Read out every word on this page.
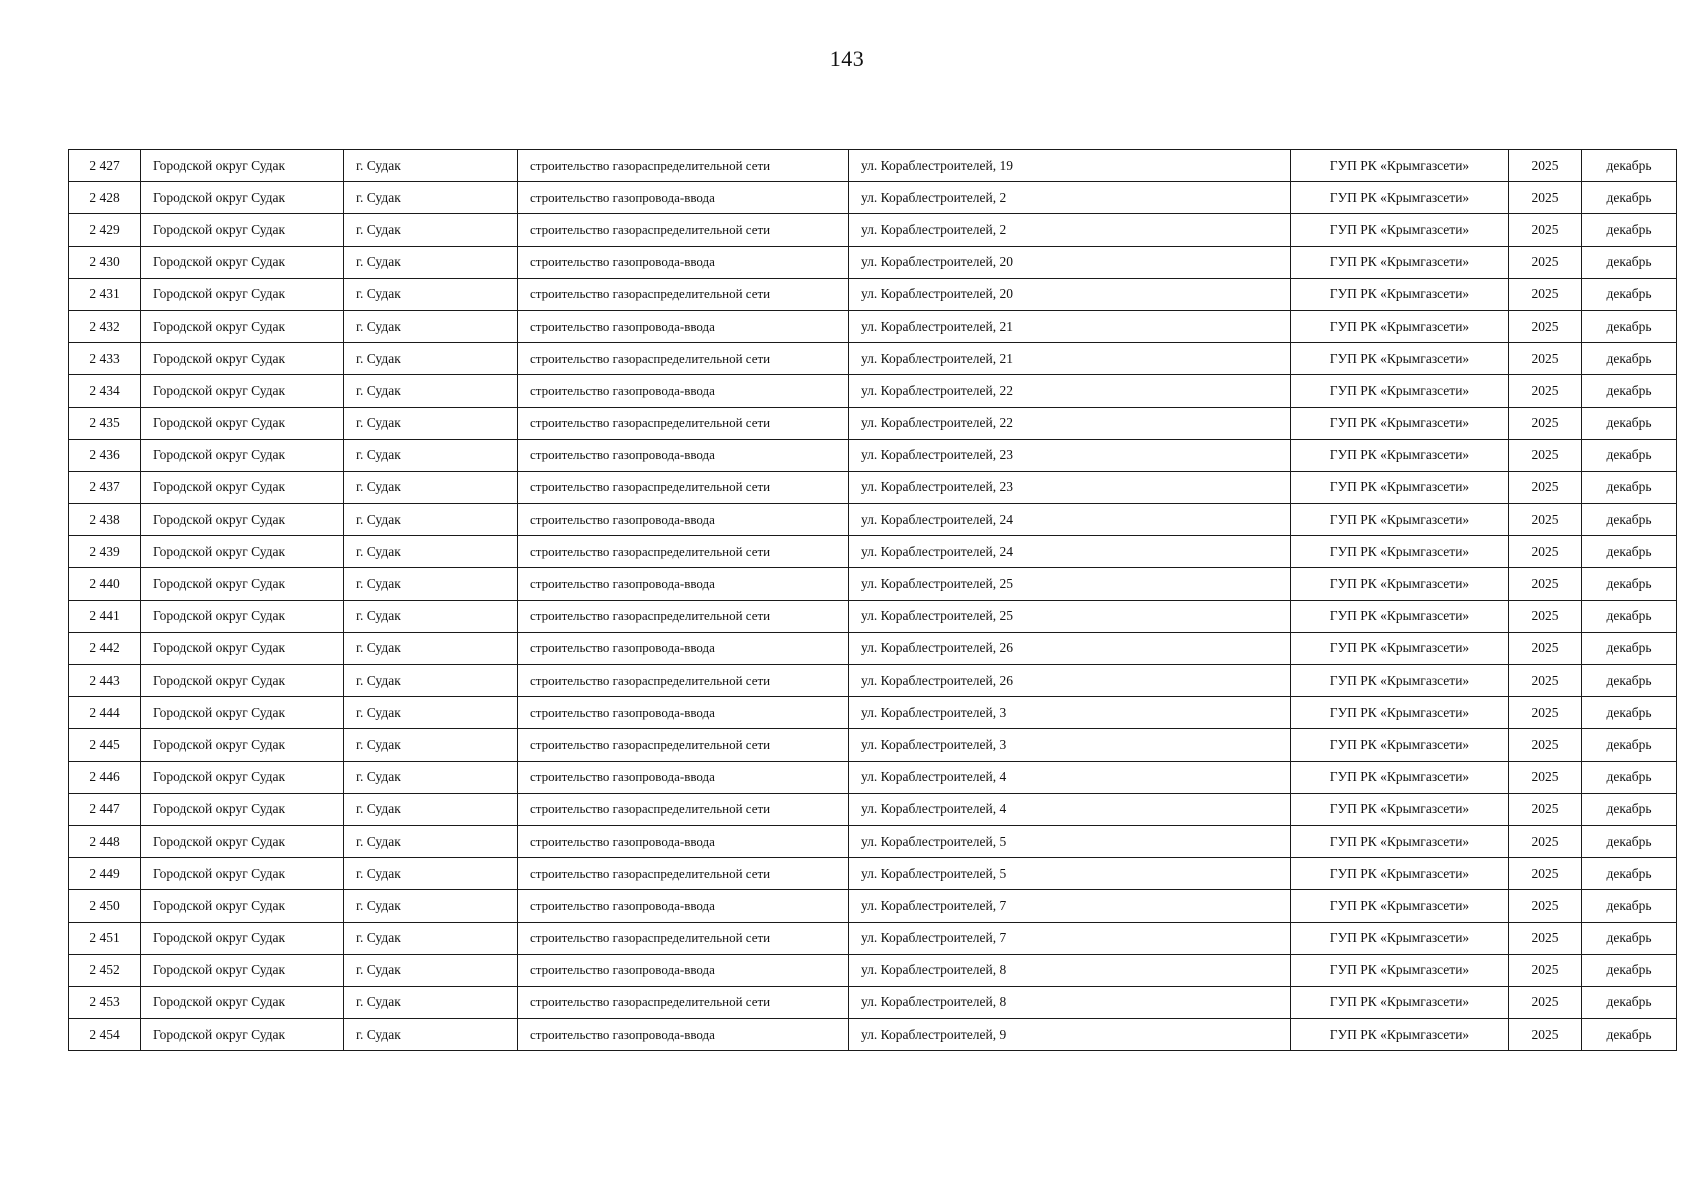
143
2 427	Городской округ Судак	г. Судак	строительство газораспределительной сети	ул. Кораблестроителей, 19	ГУП РК «Крымгазсети»	2025	декабрь
2 428	Городской округ Судак	г. Судак	строительство газопровода-ввода	ул. Кораблестроителей, 2	ГУП РК «Крымгазсети»	2025	декабрь
2 429	Городской округ Судак	г. Судак	строительство газораспределительной сети	ул. Кораблестроителей, 2	ГУП РК «Крымгазсети»	2025	декабрь
2 430	Городской округ Судак	г. Судак	строительство газопровода-ввода	ул. Кораблестроителей, 20	ГУП РК «Крымгазсети»	2025	декабрь
2 431	Городской округ Судак	г. Судак	строительство газораспределительной сети	ул. Кораблестроителей, 20	ГУП РК «Крымгазсети»	2025	декабрь
2 432	Городской округ Судак	г. Судак	строительство газопровода-ввода	ул. Кораблестроителей, 21	ГУП РК «Крымгазсети»	2025	декабрь
2 433	Городской округ Судак	г. Судак	строительство газораспределительной сети	ул. Кораблестроителей, 21	ГУП РК «Крымгазсети»	2025	декабрь
2 434	Городской округ Судак	г. Судак	строительство газопровода-ввода	ул. Кораблестроителей, 22	ГУП РК «Крымгазсети»	2025	декабрь
2 435	Городской округ Судак	г. Судак	строительство газораспределительной сети	ул. Кораблестроителей, 22	ГУП РК «Крымгазсети»	2025	декабрь
2 436	Городской округ Судак	г. Судак	строительство газопровода-ввода	ул. Кораблестроителей, 23	ГУП РК «Крымгазсети»	2025	декабрь
2 437	Городской округ Судак	г. Судак	строительство газораспределительной сети	ул. Кораблестроителей, 23	ГУП РК «Крымгазсети»	2025	декабрь
2 438	Городской округ Судак	г. Судак	строительство газопровода-ввода	ул. Кораблестроителей, 24	ГУП РК «Крымгазсети»	2025	декабрь
2 439	Городской округ Судак	г. Судак	строительство газораспределительной сети	ул. Кораблестроителей, 24	ГУП РК «Крымгазсети»	2025	декабрь
2 440	Городской округ Судак	г. Судак	строительство газопровода-ввода	ул. Кораблестроителей, 25	ГУП РК «Крымгазсети»	2025	декабрь
2 441	Городской округ Судак	г. Судак	строительство газораспределительной сети	ул. Кораблестроителей, 25	ГУП РК «Крымгазсети»	2025	декабрь
2 442	Городской округ Судак	г. Судак	строительство газопровода-ввода	ул. Кораблестроителей, 26	ГУП РК «Крымгазсети»	2025	декабрь
2 443	Городской округ Судак	г. Судак	строительство газораспределительной сети	ул. Кораблестроителей, 26	ГУП РК «Крымгазсети»	2025	декабрь
2 444	Городской округ Судак	г. Судак	строительство газопровода-ввода	ул. Кораблестроителей, 3	ГУП РК «Крымгазсети»	2025	декабрь
2 445	Городской округ Судак	г. Судак	строительство газораспределительной сети	ул. Кораблестроителей, 3	ГУП РК «Крымгазсети»	2025	декабрь
2 446	Городской округ Судак	г. Судак	строительство газопровода-ввода	ул. Кораблестроителей, 4	ГУП РК «Крымгазсети»	2025	декабрь
2 447	Городской округ Судак	г. Судак	строительство газораспределительной сети	ул. Кораблестроителей, 4	ГУП РК «Крымгазсети»	2025	декабрь
2 448	Городской округ Судак	г. Судак	строительство газопровода-ввода	ул. Кораблестроителей, 5	ГУП РК «Крымгазсети»	2025	декабрь
2 449	Городской округ Судак	г. Судак	строительство газораспределительной сети	ул. Кораблестроителей, 5	ГУП РК «Крымгазсети»	2025	декабрь
2 450	Городской округ Судак	г. Судак	строительство газопровода-ввода	ул. Кораблестроителей, 7	ГУП РК «Крымгазсети»	2025	декабрь
2 451	Городской округ Судак	г. Судак	строительство газораспределительной сети	ул. Кораблестроителей, 7	ГУП РК «Крымгазсети»	2025	декабрь
2 452	Городской округ Судак	г. Судак	строительство газопровода-ввода	ул. Кораблестроителей, 8	ГУП РК «Крымгазсети»	2025	декабрь
2 453	Городской округ Судак	г. Судак	строительство газораспределительной сети	ул. Кораблестроителей, 8	ГУП РК «Крымгазсети»	2025	декабрь
2 454	Городской округ Судак	г. Судак	строительство газопровода-ввода	ул. Кораблестроителей, 9	ГУП РК «Крымгазсети»	2025	декабрь
